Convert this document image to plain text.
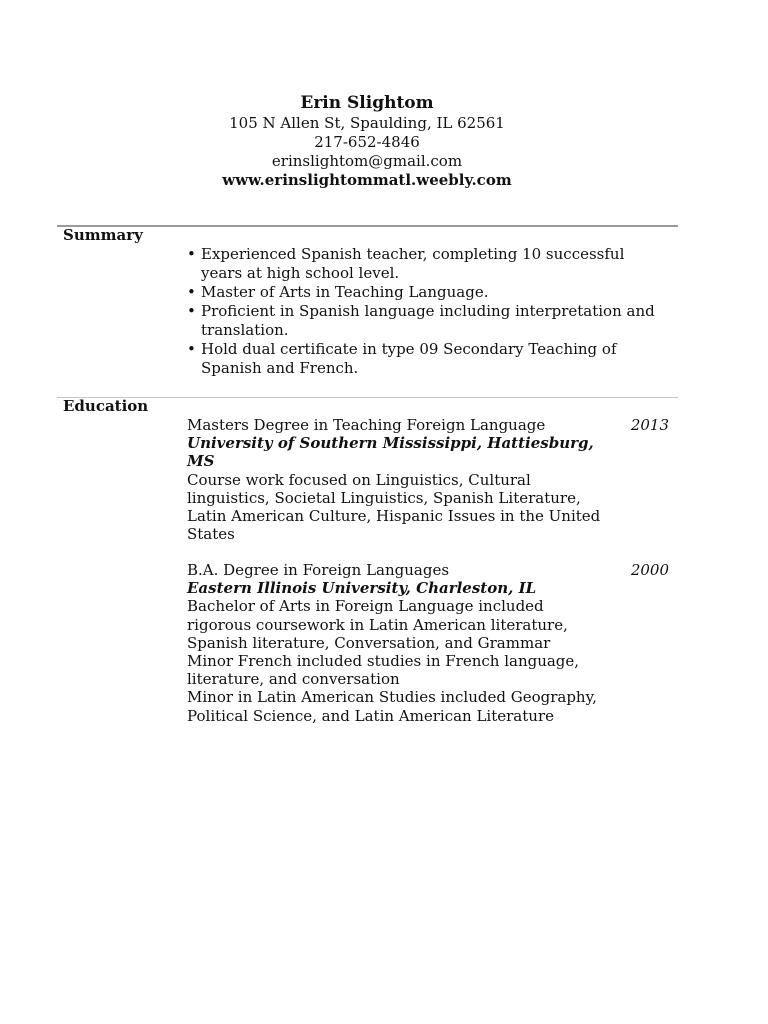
Erin Slightom
105 N Allen St, Spaulding, IL 62561
217-652-4846
erinslightom@gmail.com
www.erinslightommatl.weebly.com
Summary
• Experienced Spanish teacher, completing 10 successful years at high school level.
• Master of Arts in Teaching Language.
• Proficient in Spanish language including interpretation and translation.
• Hold dual certificate in type 09 Secondary Teaching of Spanish and French.
Education
Masters Degree in Teaching Foreign Language	2013
University of Southern Mississippi, Hattiesburg, MS
Course work focused on Linguistics, Cultural linguistics, Societal Linguistics, Spanish Literature, Latin American Culture, Hispanic Issues in the United States
B.A. Degree in Foreign Languages	2000
Eastern Illinois University, Charleston, IL
Bachelor of Arts in Foreign Language included rigorous coursework in Latin American literature, Spanish literature, Conversation, and Grammar
Minor French included studies in French language, literature, and conversation
Minor in Latin American Studies included Geography, Political Science, and Latin American Literature
